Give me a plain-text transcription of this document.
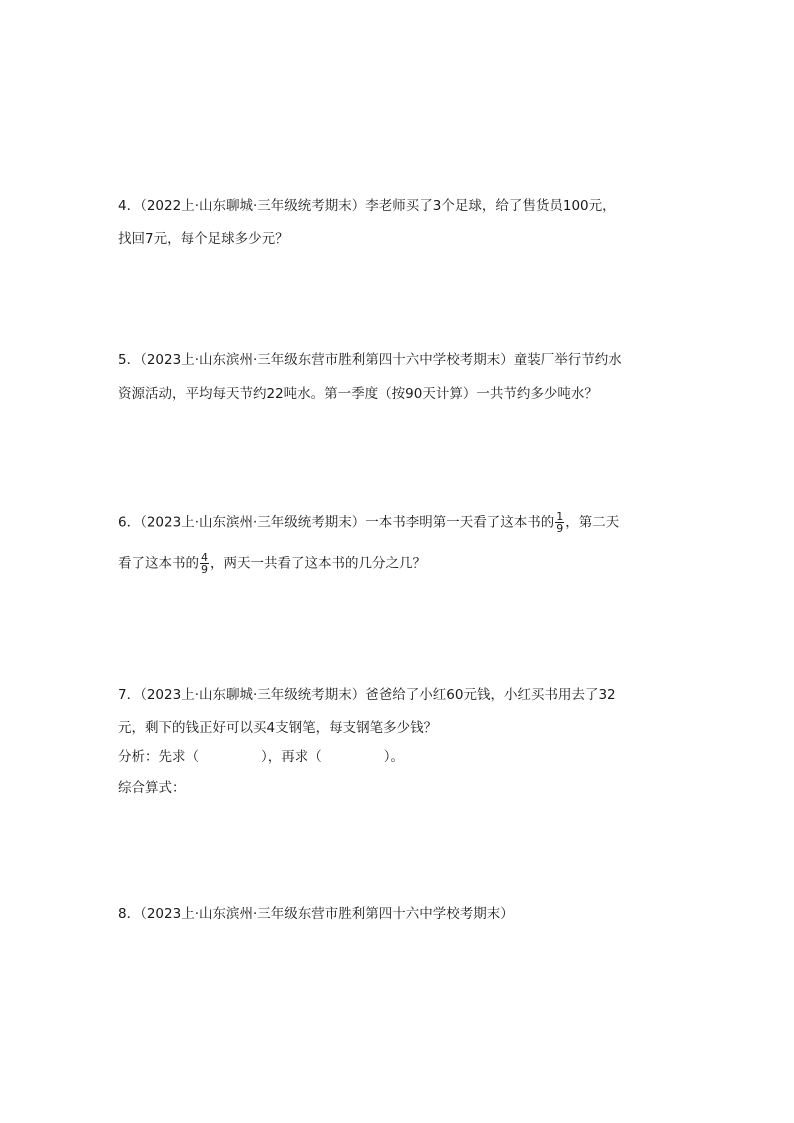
4．（2022上·山东聊城·三年级统考期末）李老师买了3个足球，给了售货员100元，
找回7元，每个足球多少元？
5．（2023上·山东滨州·三年级东营市胜利第四十六中学校考期末）童装厂举行节约水
资源活动，平均每天节约22吨水。第一季度（按90天计算）一共节约多少吨水？
6．（2023上·山东滨州·三年级统考期末）一本书李明第一天看了这本书的 $\frac{1}{9}$ ，第二天
看了这本书的 $\frac{4}{9}$ ，两天一共看了这本书的几分之几？
7．（2023上·山东聊城·三年级统考期末）爸爸给了小红60元钱，小红买书用去了32
元，剩下的钱正好可以买4支钢笔，每支钢笔多少钱？
分析：先求（	），再求（	）。
综合算式：
8．（2023上·山东滨州·三年级东营市胜利第四十六中学校考期末）
